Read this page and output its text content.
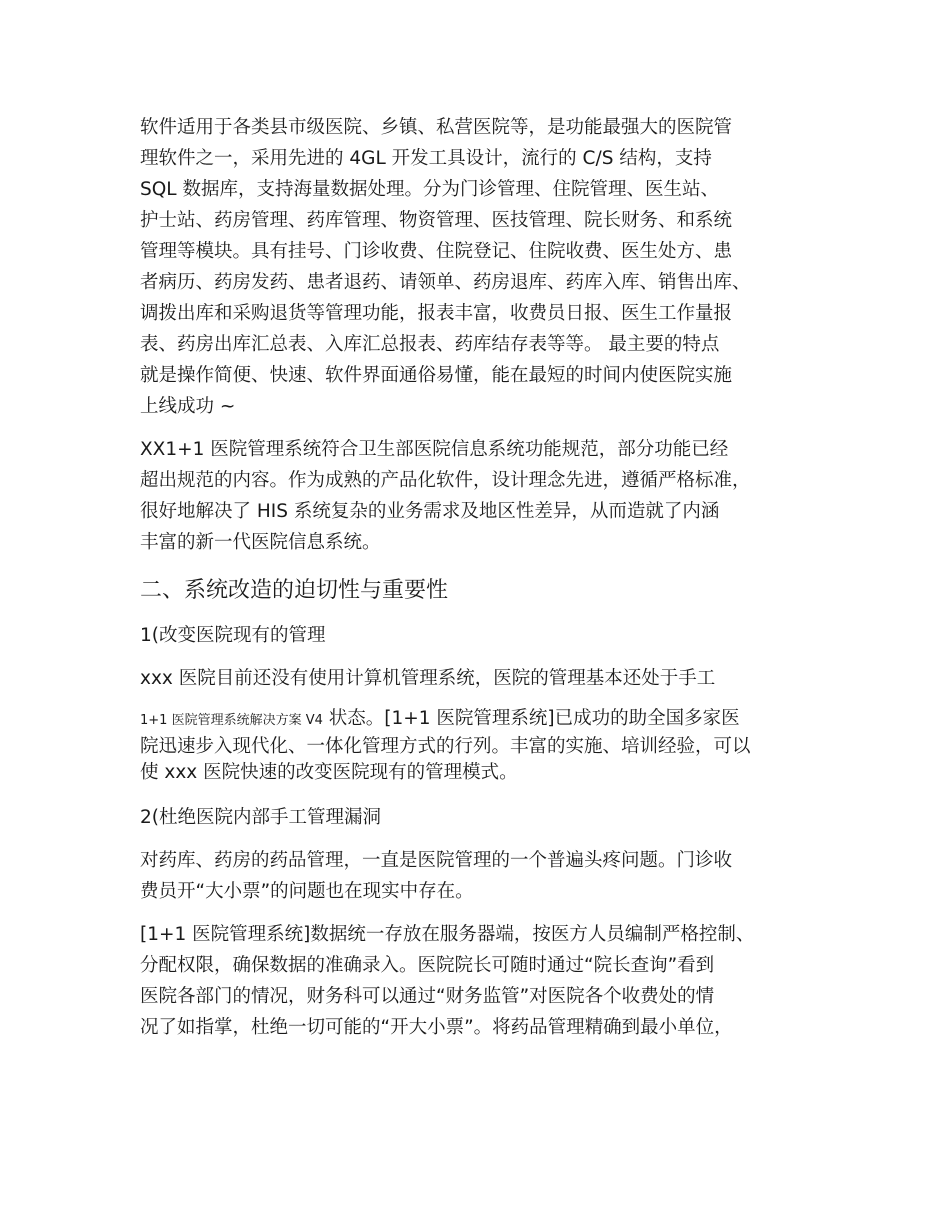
软件适用于各类县市级医院、乡镇、私营医院等，是功能最强大的医院管
理软件之一，采用先进的 4GL 开发工具设计，流行的 C/S 结构，支持
SQL 数据库，支持海量数据处理。分为门诊管理、住院管理、医生站、
护士站、药房管理、药库管理、物资管理、医技管理、院长财务、和系统
管理等模块。具有挂号、门诊收费、住院登记、住院收费、医生处方、患
者病历、药房发药、患者退药、请领单、药房退库、药库入库、销售出库、
调拨出库和采购退货等管理功能，报表丰富，收费员日报、医生工作量报
表、药房出库汇总表、入库汇总报表、药库结存表等等。 最主要的特点
就是操作简便、快速、软件界面通俗易懂，能在最短的时间内使医院实施
上线成功 ~

XX1+1 医院管理系统符合卫生部医院信息系统功能规范，部分功能已经
超出规范的内容。作为成熟的产品化软件，设计理念先进，遵循严格标准，
很好地解决了 HIS 系统复杂的业务需求及地区性差异，从而造就了内涵
丰富的新一代医院信息系统。

二、系统改造的迫切性与重要性

1(改变医院现有的管理

xxx 医院目前还没有使用计算机管理系统，医院的管理基本还处于手工

1+1 医院管理系统解决方案 V4 状态。[1+1 医院管理系统]已成功的助全国多家医
院迅速步入现代化、一体化管理方式的行列。丰富的实施、培训经验，可以
使 xxx 医院快速的改变医院现有的管理模式。

2(杜绝医院内部手工管理漏洞

对药库、药房的药品管理，一直是医院管理的一个普遍头疼问题。门诊收
费员开“大小票”的问题也在现实中存在。

[1+1 医院管理系统]数据统一存放在服务器端，按医方人员编制严格控制、
分配权限，确保数据的准确录入。医院院长可随时通过“院长查询”看到
医院各部门的情况，财务科可以通过“财务监管”对医院各个收费处的情
况了如指掌，杜绝一切可能的“开大小票”。将药品管理精确到最小单位，
